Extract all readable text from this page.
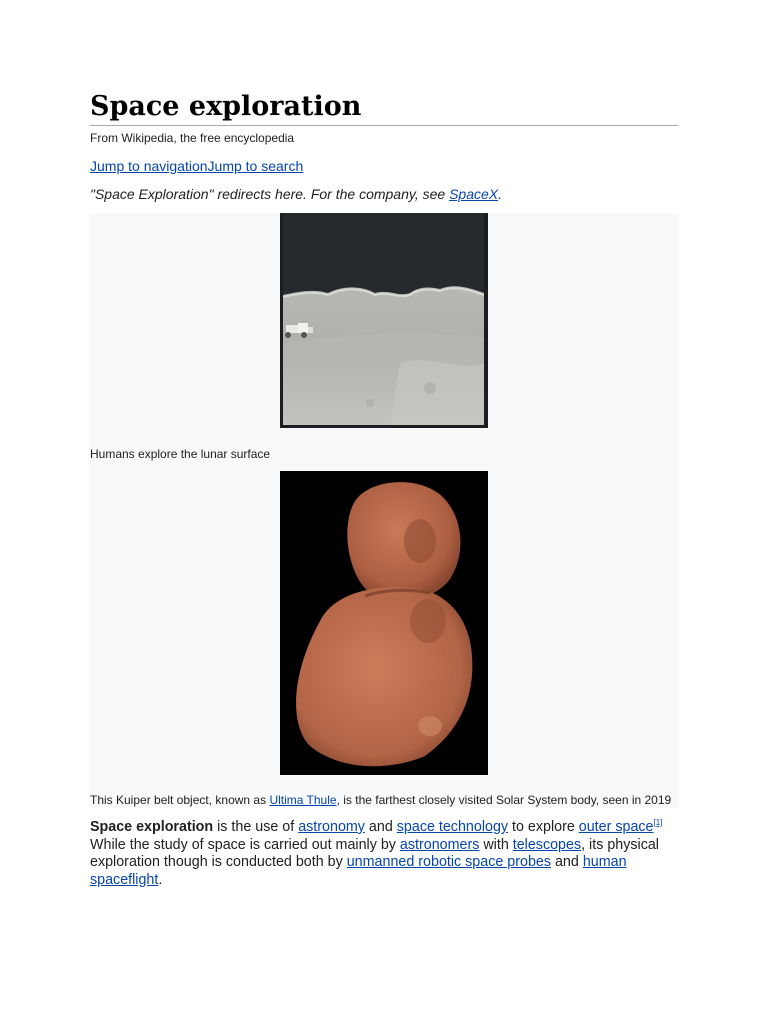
Space exploration
From Wikipedia, the free encyclopedia
Jump to navigationJump to search
"Space Exploration" redirects here. For the company, see SpaceX.
Humans explore the lunar surface
This Kuiper belt object, known as Ultima Thule, is the farthest closely visited Solar System body, seen in 2019

Space exploration is the use of astronomy and space technology to explore outer space[1] While the study of space is carried out mainly by astronomers with telescopes, its physical exploration though is conducted both by unmanned robotic space probes and human spaceflight.
